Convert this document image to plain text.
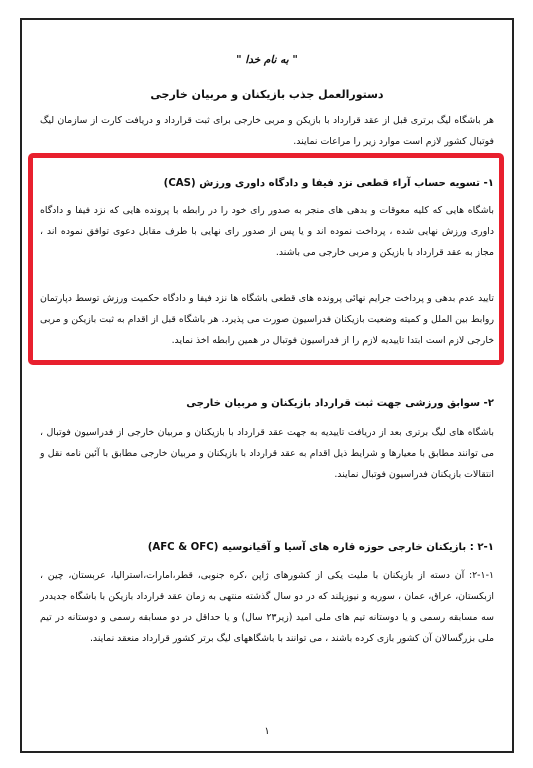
" به نام خدا "
دستورالعمل جذب بازیکنان و مربیان خارجی

هر باشگاه لیگ برتری قبل از عقد قرارداد با بازیکن و مربی خارجی برای ثبت قرارداد و دریافت کارت از سازمان لیگ فوتبال کشور لازم است موارد زیر را مراعات نمایند.

۱- تسویه حساب آراء قطعی نزد فیفا و دادگاه داوری ورزش (CAS)

باشگاه هایی که کلیه معوقات و بدهی های منجر به صدور رای خود را در رابطه با پرونده هایی که نزد فیفا و دادگاه داوری ورزش نهایی شده ، پرداخت نموده اند و یا پس از صدور رای نهایی با طرف مقابل دعوی توافق نموده اند ، مجاز به عقد قرارداد با بازیکن و مربی خارجی می باشند.

تایید عدم بدهی و پرداخت جرایم نهائی پرونده های قطعی باشگاه ها نزد فیفا و دادگاه حکمیت ورزش توسط دپارتمان روابط بین الملل و کمیته وضعیت بازیکنان فدراسیون صورت می پذیرد. هر باشگاه قبل از اقدام به ثبت بازیکن و مربی خارجی لازم است ابتدا تاییدیه لازم را از فدراسیون فوتبال در همین رابطه اخذ نماید.

۲- سوابق ورزشی جهت ثبت قرارداد بازیکنان و مربیان خارجی

باشگاه های لیگ برتری بعد از دریافت تاییدیه به جهت عقد قرارداد با بازیکنان و مربیان خارجی از فدراسیون فوتبال ، می توانند مطابق با معیارها و شرایط ذیل اقدام به عقد قرارداد با بازیکنان و مربیان خارجی مطابق با آئین نامه نقل و انتقالات بازیکنان فدراسیون فوتبال نمایند.

۲-۱ : بازیکنان خارجی حوزه قاره های آسیا و آقیانوسیه (AFC & OFC)

۲-۱-۱: آن دسته از بازیکنان با ملیت یکی از کشورهای ژاپن ،کره جنوبی، قطر،امارات،استرالیا، عربستان، چین ، ازبکستان، عراق، عمان ، سوریه و نیوزیلند که در دو سال گذشته منتهی به زمان عقد قرارداد بازیکن با باشگاه جدیددر سه مسابقه رسمی و یا دوستانه تیم های ملی امید (زیر۲۳ سال) و یا حداقل در دو مسابقه رسمی و دوستانه در تیم ملی بزرگسالان آن کشور بازی کرده باشند ، می توانند با باشگاههای لیگ برتر کشور قرارداد منعقد نمایند.

۱
